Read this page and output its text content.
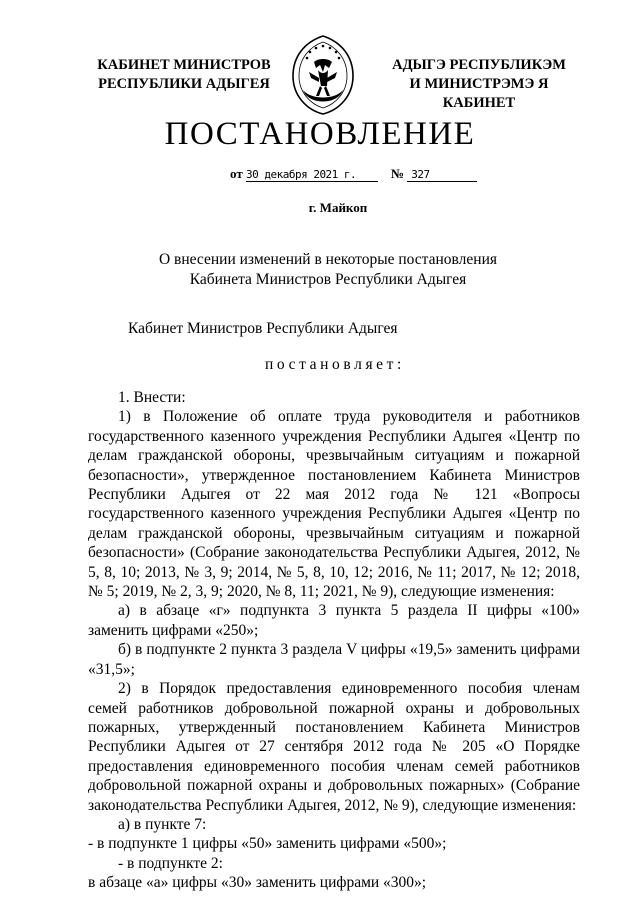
КАБИНЕТ МИНИСТРОВ
РЕСПУБЛИКИ АДЫГЕЯ
АДЫГЭ РЕСПУБЛИКЭМ
И МИНИСТРЭМЭ Я КАБИНЕТ
ПОСТАНОВЛЕНИЕ
от 30 декабря 2021 г.	№ 327
г. Майкоп
О внесении изменений в некоторые постановления
Кабинета Министров Республики Адыгея
Кабинет Министров Республики Адыгея
постановляет:

1. Внести:

1) в Положение об оплате труда руководителя и работников государственного казенного учреждения Республики Адыгея «Центр по делам гражданской обороны, чрезвычайным ситуациям и пожарной безопасности», утвержденное постановлением Кабинета Министров Республики Адыгея от 22 мая 2012 года № 121 «Вопросы государственного казенного учреждения Республики Адыгея «Центр по делам гражданской обороны, чрезвычайным ситуациям и пожарной безопасности» (Собрание законодательства Республики Адыгея, 2012, № 5, 8, 10; 2013, № 3, 9; 2014, № 5, 8, 10, 12; 2016, № 11; 2017, № 12; 2018, № 5; 2019, № 2, 3, 9; 2020, № 8, 11; 2021, № 9), следующие изменения:

а) в абзаце «г» подпункта 3 пункта 5 раздела II цифры «100» заменить цифрами «250»;

б) в подпункте 2 пункта 3 раздела V цифры «19,5» заменить цифрами «31,5»;

2) в Порядок предоставления единовременного пособия членам семей работников добровольной пожарной охраны и добровольных пожарных, утвержденный постановлением Кабинета Министров Республики Адыгея от 27 сентября 2012 года № 205 «О Порядке предоставления единовременного пособия членам семей работников добровольной пожарной охраны и добровольных пожарных» (Собрание законодательства Республики Адыгея, 2012, № 9), следующие изменения:

а) в пункте 7:

- в подпункте 1 цифры «50» заменить цифрами «500»;

- в подпункте 2:

в абзаце «а» цифры «30» заменить цифрами «300»;
